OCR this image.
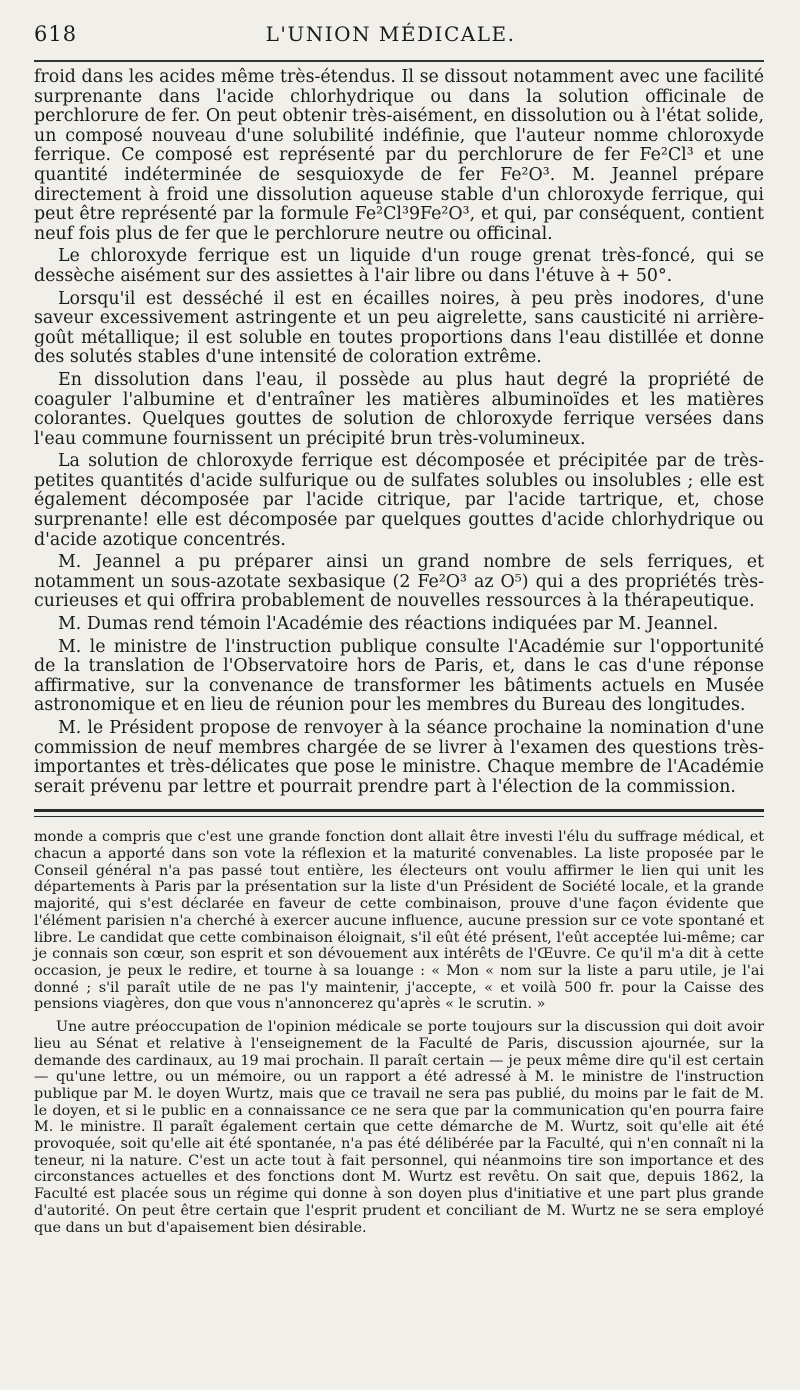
618	L'UNION MÉDICALE.

froid dans les acides même très-étendus. Il se dissout notamment avec une facilité surprenante dans l'acide chlorhydrique ou dans la solution officinale de perchlorure de fer. On peut obtenir très-aisément, en dissolution ou à l'état solide, un composé nouveau d'une solubilité indéfinie, que l'auteur nomme chloroxyde ferrique. Ce composé est représenté par du perchlorure de fer Fe²Cl³ et une quantité indéterminée de sesquioxyde de fer Fe²O³. M. Jeannel prépare directement à froid une dissolution aqueuse stable d'un chloroxyde ferrique, qui peut être représenté par la formule Fe²Cl³9Fe²O³, et qui, par conséquent, contient neuf fois plus de fer que le perchlorure neutre ou officinal.

Le chloroxyde ferrique est un liquide d'un rouge grenat très-foncé, qui se dessèche aisément sur des assiettes à l'air libre ou dans l'étuve à + 50°.

Lorsqu'il est desséché il est en écailles noires, à peu près inodores, d'une saveur excessivement astringente et un peu aigrelette, sans causticité ni arrière-goût métallique; il est soluble en toutes proportions dans l'eau distillée et donne des solutés stables d'une intensité de coloration extrême.

En dissolution dans l'eau, il possède au plus haut degré la propriété de coaguler l'albumine et d'entraîner les matières albuminoïdes et les matières colorantes. Quelques gouttes de solution de chloroxyde ferrique versées dans l'eau commune fournissent un précipité brun très-volumineux.

La solution de chloroxyde ferrique est décomposée et précipitée par de très-petites quantités d'acide sulfurique ou de sulfates solubles ou insolubles ; elle est également décomposée par l'acide citrique, par l'acide tartrique, et, chose surprenante! elle est décomposée par quelques gouttes d'acide chlorhydrique ou d'acide azotique concentrés.

M. Jeannel a pu préparer ainsi un grand nombre de sels ferriques, et notamment un sous-azotate sexbasique (2 Fe²O³ az O⁵) qui a des propriétés très-curieuses et qui offrira probablement de nouvelles ressources à la thérapeutique.

M. Dumas rend témoin l'Académie des réactions indiquées par M. Jeannel.

M. le ministre de l'instruction publique consulte l'Académie sur l'opportunité de la translation de l'Observatoire hors de Paris, et, dans le cas d'une réponse affirmative, sur la convenance de transformer les bâtiments actuels en Musée astronomique et en lieu de réunion pour les membres du Bureau des longitudes.

M. le Président propose de renvoyer à la séance prochaine la nomination d'une commission de neuf membres chargée de se livrer à l'examen des questions très-importantes et très-délicates que pose le ministre. Chaque membre de l'Académie serait prévenu par lettre et pourrait prendre part à l'élection de la commission.

monde a compris que c'est une grande fonction dont allait être investi l'élu du suffrage médical, et chacun a apporté dans son vote la réflexion et la maturité convenables. La liste proposée par le Conseil général n'a pas passé tout entière, les électeurs ont voulu affirmer le lien qui unit les départements à Paris par la présentation sur la liste d'un Président de Société locale, et la grande majorité, qui s'est déclarée en faveur de cette combinaison, prouve d'une façon évidente que l'élément parisien n'a cherché à exercer aucune influence, aucune pression sur ce vote spontané et libre. Le candidat que cette combinaison éloignait, s'il eût été présent, l'eût acceptée lui-même; car je connais son cœur, son esprit et son dévouement aux intérêts de l'Œuvre. Ce qu'il m'a dit à cette occasion, je peux le redire, et tourne à sa louange : « Mon « nom sur la liste a paru utile, je l'ai donné ; s'il paraît utile de ne pas l'y maintenir, j'accepte, « et voilà 500 fr. pour la Caisse des pensions viagères, don que vous n'annoncerez qu'après « le scrutin. »

Une autre préoccupation de l'opinion médicale se porte toujours sur la discussion qui doit avoir lieu au Sénat et relative à l'enseignement de la Faculté de Paris, discussion ajournée, sur la demande des cardinaux, au 19 mai prochain. Il paraît certain — je peux même dire qu'il est certain — qu'une lettre, ou un mémoire, ou un rapport a été adressé à M. le ministre de l'instruction publique par M. le doyen Wurtz, mais que ce travail ne sera pas publié, du moins par le fait de M. le doyen, et si le public en a connaissance ce ne sera que par la communication qu'en pourra faire M. le ministre. Il paraît également certain que cette démarche de M. Wurtz, soit qu'elle ait été provoquée, soit qu'elle ait été spontanée, n'a pas été délibérée par la Faculté, qui n'en connaît ni la teneur, ni la nature. C'est un acte tout à fait personnel, qui néanmoins tire son importance et des circonstances actuelles et des fonctions dont M. Wurtz est revêtu. On sait que, depuis 1862, la Faculté est placée sous un régime qui donne à son doyen plus d'initiative et une part plus grande d'autorité. On peut être certain que l'esprit prudent et conciliant de M. Wurtz ne se sera employé que dans un but d'apaisement bien désirable.
